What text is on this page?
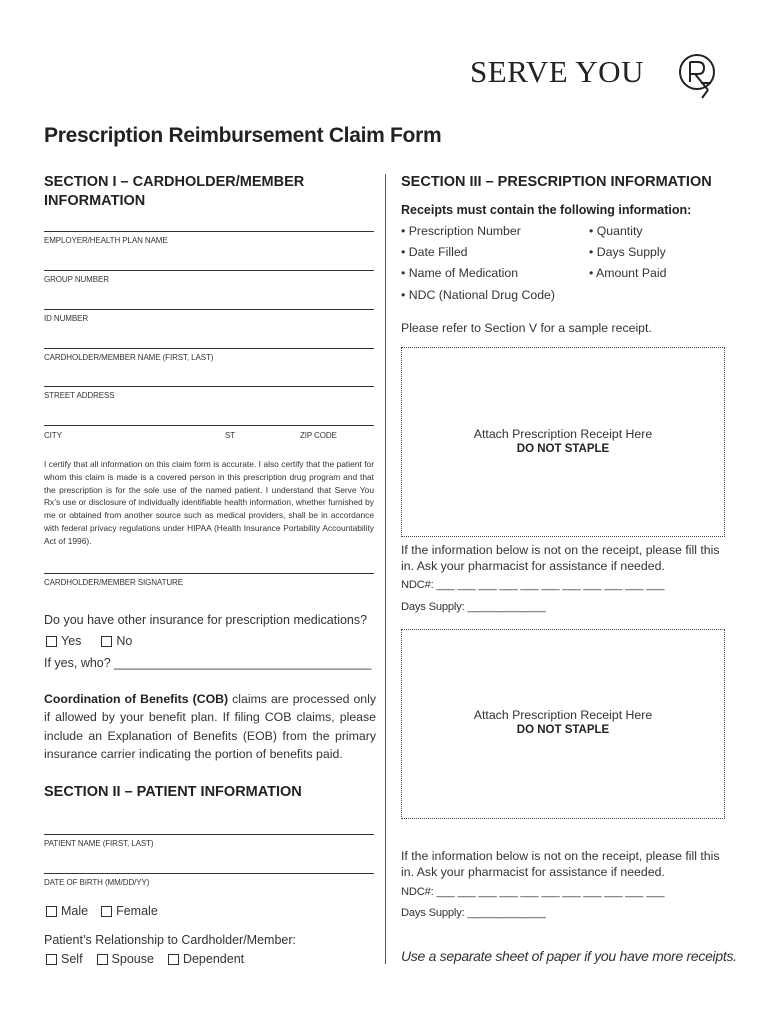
SERVE YOU
Prescription Reimbursement Claim Form
SECTION I – CARDHOLDER/MEMBER
INFORMATION
EMPLOYER/HEALTH PLAN NAME
GROUP NUMBER
ID NUMBER
CARDHOLDER/MEMBER NAME (FIRST, LAST)
STREET ADDRESS
CITY	ST	ZIP CODE
I certify that all information on this claim form is accurate. I also certify that the patient for whom this claim is made is a covered person in this prescription drug program and that the prescription is for the sole use of the named patient. I understand that Serve You Rx’s use or disclosure of individually identifiable health information, whether furnished by me or obtained from another source such as medical providers, shall be in accordance with federal privacy regulations under HIPAA (Health Insurance Portability Accountability Act of 1996).
CARDHOLDER/MEMBER SIGNATURE
Do you have other insurance for prescription medications?
Yes	No
If yes, who? _____________________________________
Coordination of Benefits (COB) claims are processed only if allowed by your benefit plan. If filing COB claims, please include an Explanation of Benefits (EOB) from the primary insurance carrier indicating the portion of benefits paid.
SECTION II – PATIENT INFORMATION
PATIENT NAME (FIRST, LAST)
DATE OF BIRTH (MM/DD/YY)
Male Female
Patient’s Relationship to Cardholder/Member:
Self Spouse Dependent
SECTION III – PRESCRIPTION INFORMATION
Receipts must contain the following information:
• Prescription Number
• Date Filled
• Name of Medication
• NDC (National Drug Code)
• Quantity
• Days Supply
• Amount Paid
Please refer to Section V for a sample receipt.
Attach Prescription Receipt Here
DO NOT STAPLE
If the information below is not on the receipt, please fill this in. Ask your pharmacist for assistance if needed.
NDC#: ___ ___ ___ ___ ___ ___ ___ ___ ___ ___ ___
Days Supply: _____________
Attach Prescription Receipt Here
DO NOT STAPLE
If the information below is not on the receipt, please fill this in. Ask your pharmacist for assistance if needed.
NDC#: ___ ___ ___ ___ ___ ___ ___ ___ ___ ___ ___
Days Supply: _____________
Use a separate sheet of paper if you have more receipts.
